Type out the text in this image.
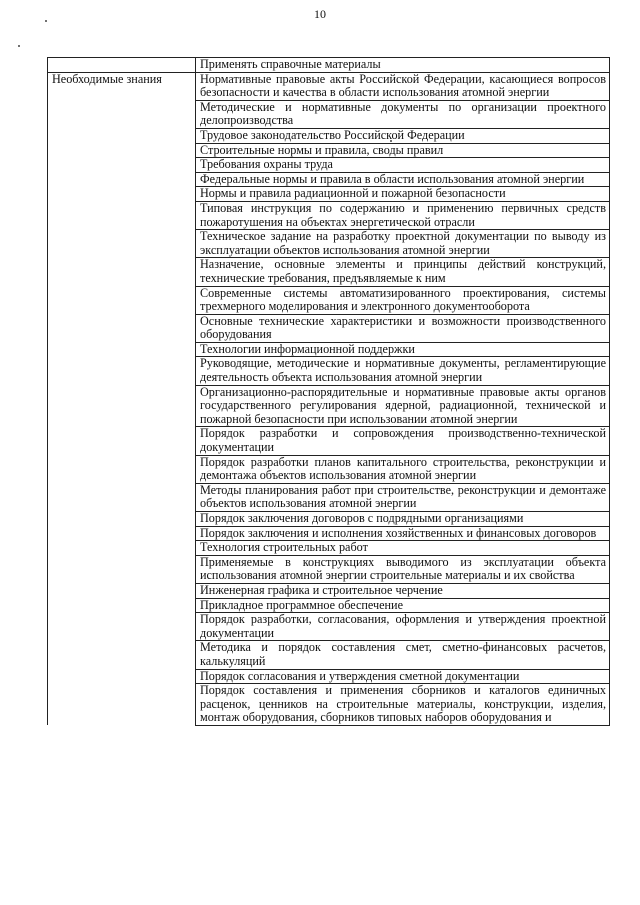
10

	Применять справочные материалы

Необходимые знания	Нормативные правовые акты Российской Федерации, касающиеся вопросов безопасности и качества в области использования атомной энергии

	Методические и нормативные документы по организации проектного делопроизводства

	Трудовое законодательство Российской Федерации

	Строительные нормы и правила, своды правил

	Требования охраны труда

	Федеральные нормы и правила в области использования атомной энергии

	Нормы и правила радиационной и пожарной безопасности

	Типовая инструкция по содержанию и применению первичных средств пожаротушения на объектах энергетической отрасли

	Техническое задание на разработку проектной документации по выводу из эксплуатации объектов использования атомной энергии

	Назначение, основные элементы и принципы действий конструкций, технические требования, предъявляемые к ним

	Современные системы автоматизированного проектирования, системы трехмерного моделирования и электронного документооборота

	Основные технические характеристики и возможности производственного оборудования

	Технологии информационной поддержки

	Руководящие, методические и нормативные документы, регламентирующие деятельность объекта использования атомной энергии

	Организационно-распорядительные и нормативные правовые акты органов государственного регулирования ядерной, радиационной, технической и пожарной безопасности при использовании атомной энергии

	Порядок разработки и сопровождения производственно-технической документации

	Порядок разработки планов капитального строительства, реконструкции и демонтажа объектов использования атомной энергии

	Методы планирования работ при строительстве, реконструкции и демонтаже объектов использования атомной энергии

	Порядок заключения договоров с подрядными организациями

	Порядок заключения и исполнения хозяйственных и финансовых договоров

	Технология строительных работ

	Применяемые в конструкциях выводимого из эксплуатации объекта использования атомной энергии строительные материалы и их свойства

	Инженерная графика и строительное черчение

	Прикладное программное обеспечение

	Порядок разработки, согласования, оформления и утверждения проектной документации

	Методика и порядок составления смет, сметно-финансовых расчетов, калькуляций

	Порядок согласования и утверждения сметной документации

	Порядок составления и применения сборников и каталогов единичных расценок, ценников на строительные материалы, конструкции, изделия, монтаж оборудования, сборников типовых наборов оборудования и
